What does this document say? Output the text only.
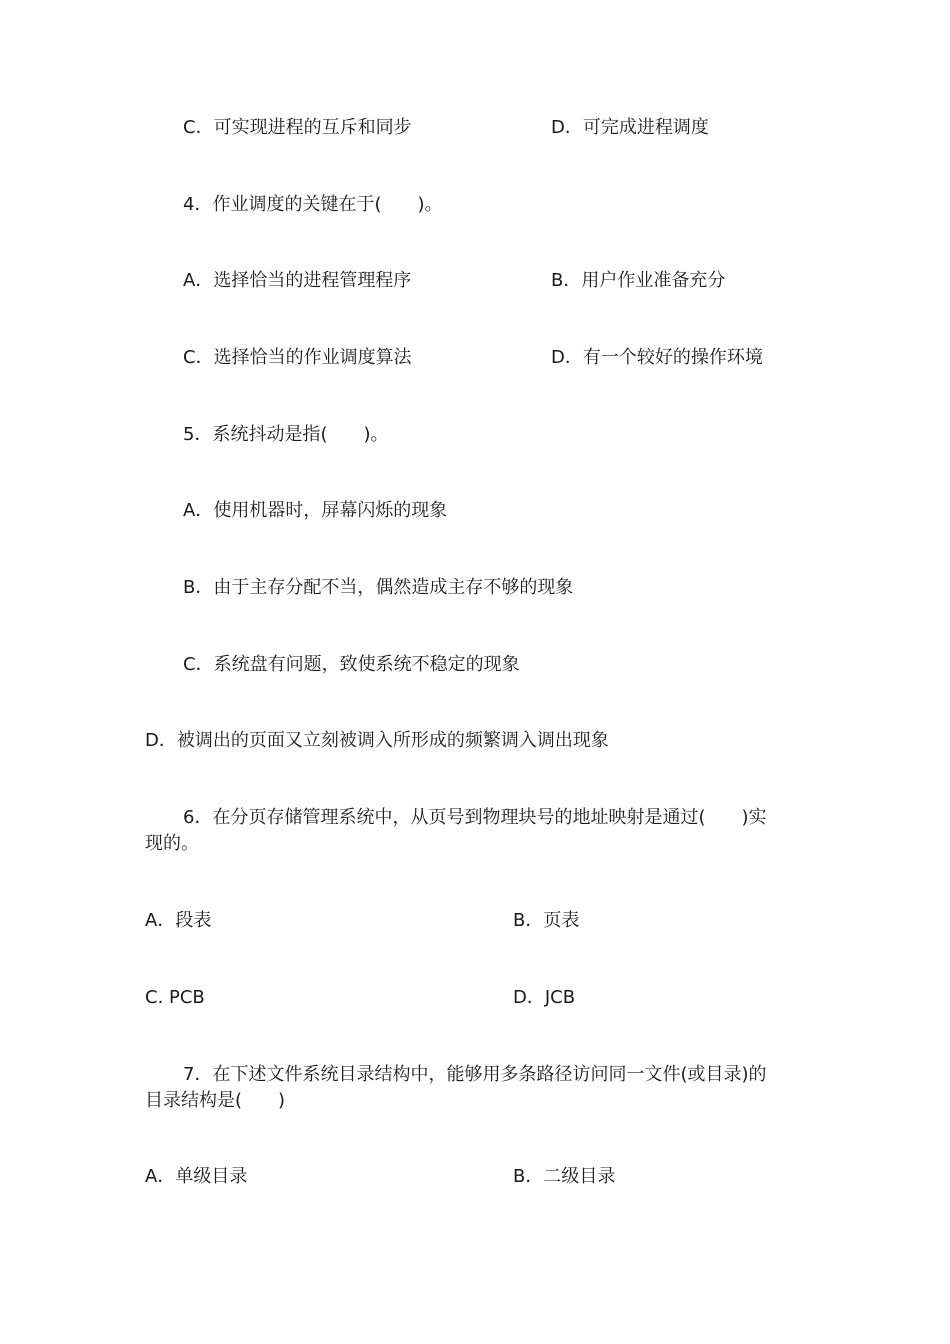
C．可实现进程的互斥和同步	D．可完成进程调度
4．作业调度的关键在于(　　)。
A．选择恰当的进程管理程序	B．用户作业准备充分
C．选择恰当的作业调度算法	D．有一个较好的操作环境
5．系统抖动是指(　　)。
A．使用机器时，屏幕闪烁的现象
B．由于主存分配不当，偶然造成主存不够的现象
C．系统盘有问题，致使系统不稳定的现象
D．被调出的页面又立刻被调入所形成的频繁调入调出现象
6．在分页存储管理系统中，从页号到物理块号的地址映射是通过(　　)实
现的。
A．段表	B．页表
C. PCB	D．JCB
7．在下述文件系统目录结构中，能够用多条路径访问同一文件(或目录)的
目录结构是(　　)
A．单级目录	B．二级目录
